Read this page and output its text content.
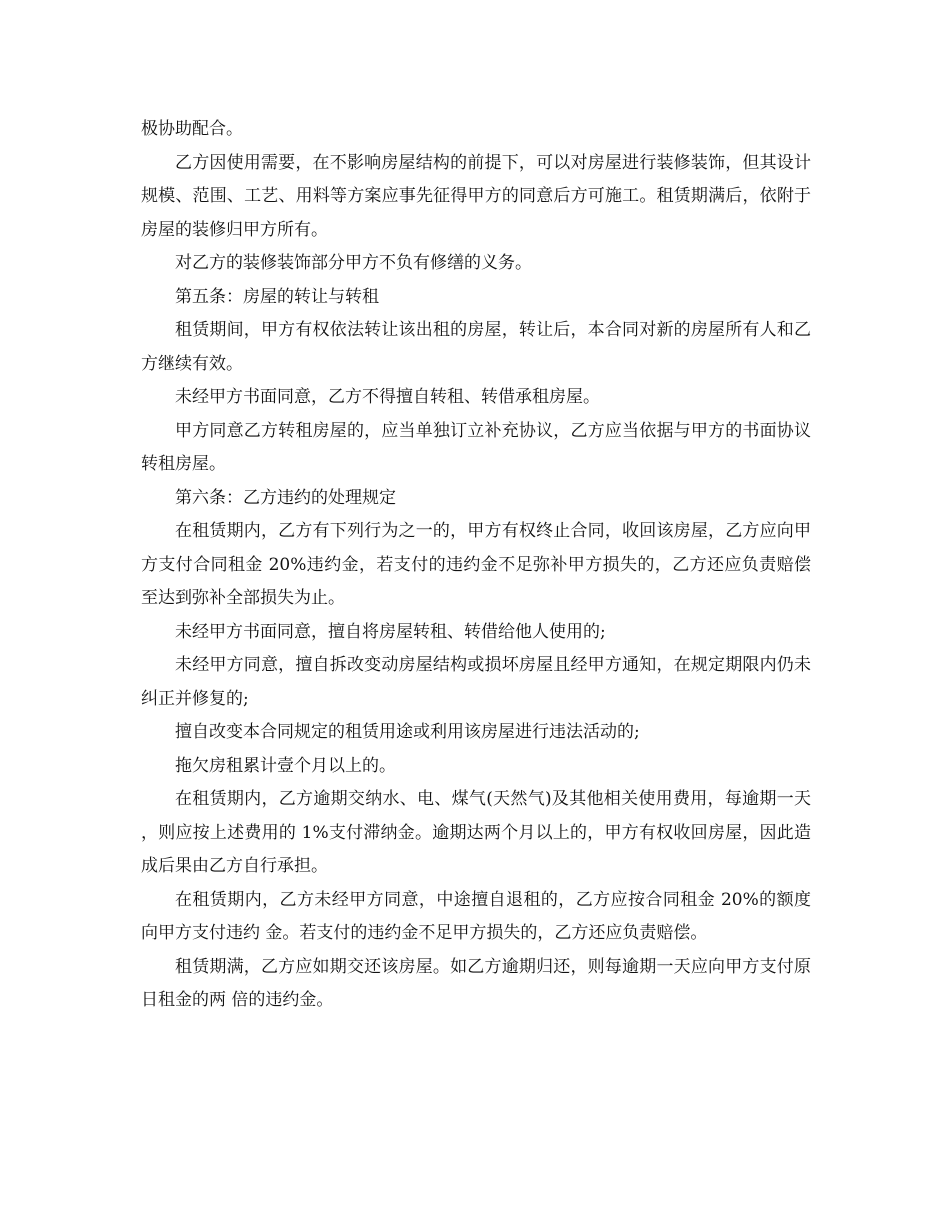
极协助配合。

乙方因使用需要，在不影响房屋结构的前提下，可以对房屋进行装修装饰，但其设计规模、范围、工艺、用料等方案应事先征得甲方的同意后方可施工。租赁期满后，依附于房屋的装修归甲方所有。

对乙方的装修装饰部分甲方不负有修缮的义务。

第五条：房屋的转让与转租

租赁期间，甲方有权依法转让该出租的房屋，转让后，本合同对新的房屋所有人和乙方继续有效。

未经甲方书面同意，乙方不得擅自转租、转借承租房屋。

甲方同意乙方转租房屋的，应当单独订立补充协议，乙方应当依据与甲方的书面协议转租房屋。

第六条：乙方违约的处理规定

在租赁期内，乙方有下列行为之一的，甲方有权终止合同，收回该房屋，乙方应向甲方支付合同租金 20%违约金，若支付的违约金不足弥补甲方损失的，乙方还应负责赔偿至达到弥补全部损失为止。

未经甲方书面同意，擅自将房屋转租、转借给他人使用的;

未经甲方同意，擅自拆改变动房屋结构或损坏房屋且经甲方通知，在规定期限内仍未纠正并修复的;

擅自改变本合同规定的租赁用途或利用该房屋进行违法活动的;

拖欠房租累计壹个月以上的。

在租赁期内，乙方逾期交纳水、电、煤气(天然气)及其他相关使用费用，每逾期一天，则应按上述费用的 1%支付滞纳金。逾期达两个月以上的，甲方有权收回房屋，因此造成后果由乙方自行承担。

在租赁期内，乙方未经甲方同意，中途擅自退租的，乙方应按合同租金 20%的额度向甲方支付违约 金。若支付的违约金不足甲方损失的，乙方还应负责赔偿。

租赁期满，乙方应如期交还该房屋。如乙方逾期归还，则每逾期一天应向甲方支付原日租金的两 倍的违约金。
